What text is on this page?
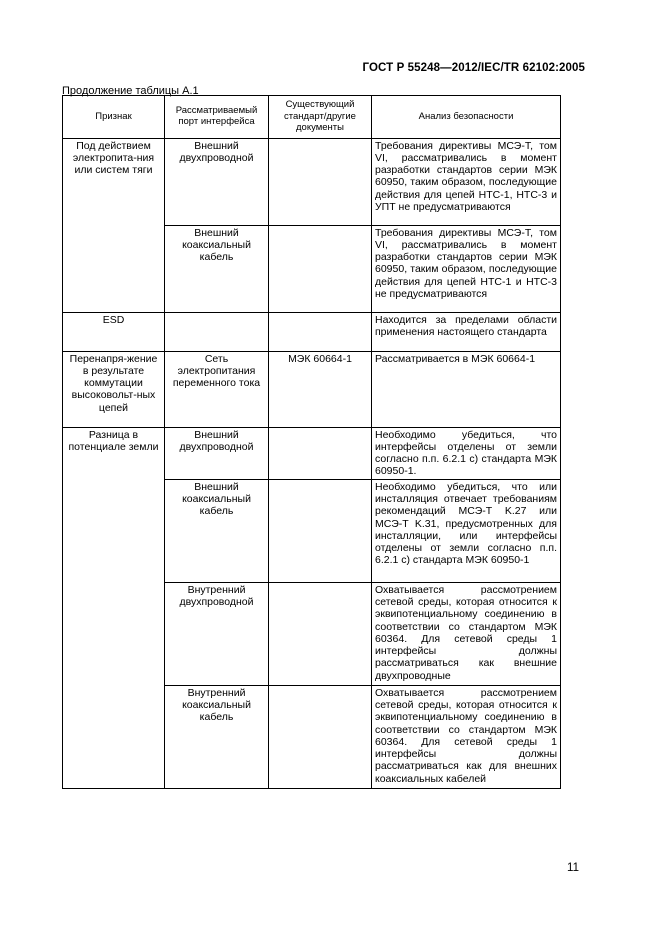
ГОСТ Р 55248—2012/IEC/TR 62102:2005
Продолжение таблицы А.1
Признак	Рассматриваемый порт интерфейса	Существующий стандарт/другие документы	Анализ безопасности
Под действием электропита-ния или систем тяги	Внешний двухпроводной		Требования директивы МСЭ-Т, том VI, рассматривались в момент разработки стандартов серии МЭК 60950, таким образом, последующие действия для цепей НТС-1, НТС-3 и УПТ не предусматриваются
	Внешний коаксиальный кабель		Требования директивы МСЭ-Т, том VI, рассматривались в момент разработки стандартов серии МЭК 60950, таким образом, последующие действия для цепей НТС-1 и НТС-3 не предусматриваются
ESD			Находится за пределами области применения настоящего стандарта
Перенапря-жение в результате коммутации высоковольт-ных цепей	Сеть электропитания переменного тока	МЭК 60664-1	Рассматривается в МЭК 60664-1
Разница в потенциале земли	Внешний двухпроводной		Необходимо убедиться, что интерфейсы отделены от земли согласно п.п. 6.2.1 с) стандарта МЭК 60950-1.
	Внешний коаксиальный кабель		Необходимо убедиться, что или инсталляция отвечает требованиям рекомендаций МСЭ-Т K.27 или МСЭ-Т K.31, предусмотренных для инсталляции, или интерфейсы отделены от земли согласно п.п. 6.2.1 с) стандарта МЭК 60950-1
	Внутренний двухпроводной		Охватывается рассмотрением сетевой среды, которая относится к эквипотенциальному соединению в соответствии со стандартом МЭК 60364. Для сетевой среды 1 интерфейсы должны рассматриваться как внешние двухпроводные
	Внутренний коаксиальный кабель		Охватывается рассмотрением сетевой среды, которая относится к эквипотенциальному соединению в соответствии со стандартом МЭК 60364. Для сетевой среды 1 интерфейсы должны рассматриваться как для внешних коаксиальных кабелей
11
